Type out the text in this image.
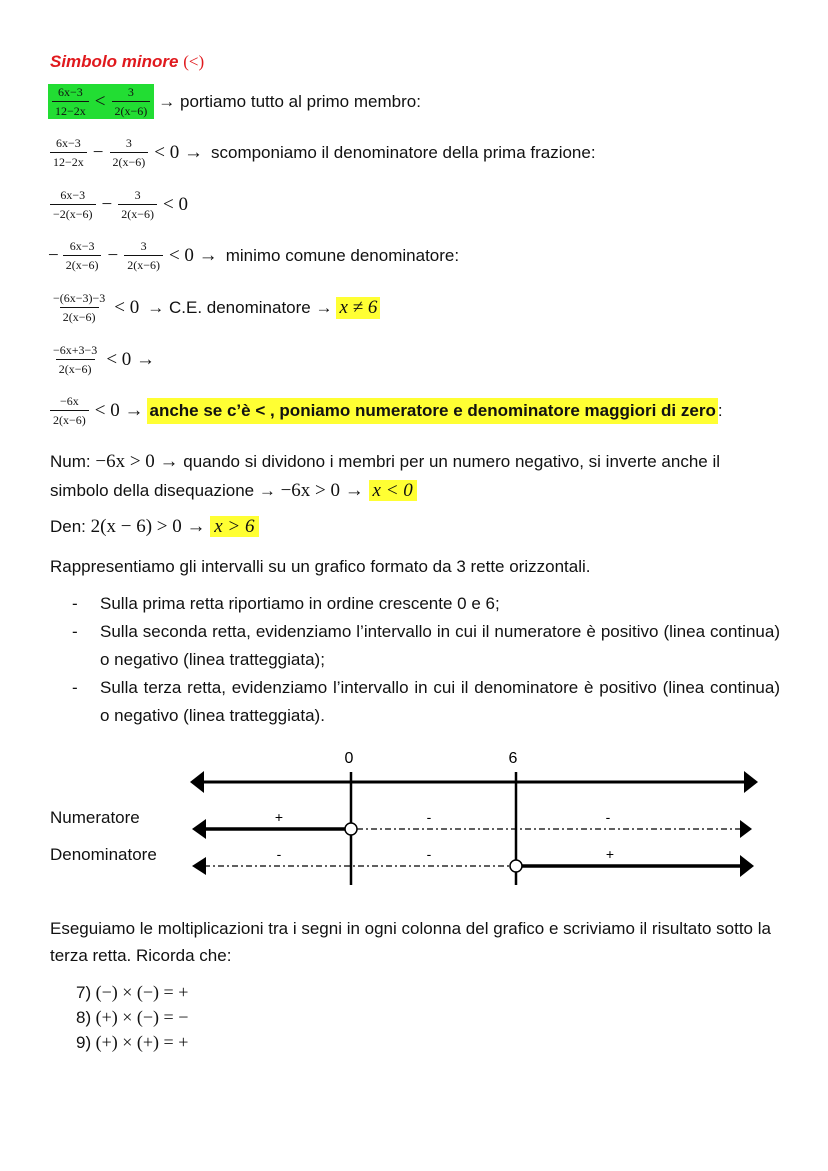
Simbolo minore (<)
$\frac{6x-3}{12-2x} < \frac{3}{2(x-6)}$ → portiamo tutto al primo membro:
$\frac{6x-3}{12-2x} - \frac{3}{2(x-6)} < 0$ → scomponiamo il denominatore della prima frazione:
$\frac{6x-3}{-2(x-6)} - \frac{3}{2(x-6)} < 0$
− $\frac{6x-3}{2(x-6)} - \frac{3}{2(x-6)} < 0$ → minimo comune denominatore:
$\frac{-(6x-3)-3}{2(x-6)} < 0 \to C.E$. denominatore → x ≠ 6
$\frac{-6x+3-3}{2(x-6)} < 0$ →
$\frac{-6x}{2(x-6)} < 0$ → anche se c’è < , poniamo numeratore e denominatore maggiori di zero :
Num: −6x > 0 → quando si dividono i membri per un numero negativo, si inverte anche il
simbolo della disequazione → −6x > 0 → x < 0
Den: 2(x − 6) > 0 → x > 6
Rappresentiamo gli intervalli su un grafico formato da 3 rette orizzontali.
-	Sulla prima retta riportiamo in ordine crescente 0 e 6;
-	Sulla seconda retta, evidenziamo l’intervallo in cui il numeratore è positivo (linea continua) o negativo (linea tratteggiata);
-	Sulla terza retta, evidenziamo l’intervallo in cui il denominatore è positivo (linea continua) o negativo (linea tratteggiata).
Numeratore
Denominatore
0	6
+	-	-
-	-	+
Eseguiamo le moltiplicazioni tra i segni in ogni colonna del grafico e scriviamo il risultato sotto la terza retta. Ricorda che:
7) (−) × (−) = +
8) (+) × (−) = −
9) (+) × (+) = +
